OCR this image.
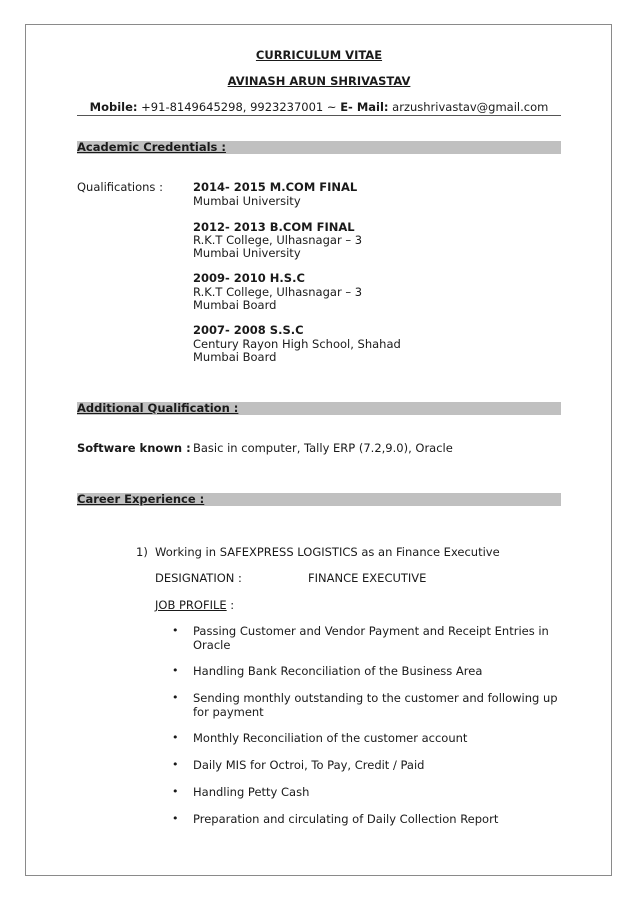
CURRICULUM VITAE
AVINASH ARUN SHRIVASTAV
Mobile: +91-8149645298, 9923237001 ~ E- Mail: arzushrivastav@gmail.com
Academic Credentials :
Qualifications :	2014- 2015 M.COM FINAL
Mumbai University
2012- 2013 B.COM FINAL
R.K.T College, Ulhasnagar – 3
Mumbai University
2009- 2010 H.S.C
R.K.T College, Ulhasnagar – 3
Mumbai Board
2007- 2008 S.S.C
Century Rayon High School, Shahad
Mumbai Board
Additional Qualification :
Software known : Basic in computer, Tally ERP (7.2,9.0), Oracle
Career Experience :
1) Working in SAFEXPRESS LOGISTICS as an Finance Executive
DESIGNATION :	FINANCE EXECUTIVE
JOB PROFILE :
• Passing Customer and Vendor Payment and Receipt Entries in Oracle
• Handling Bank Reconciliation of the Business Area
• Sending monthly outstanding to the customer and following up for payment
• Monthly Reconciliation of the customer account
• Daily MIS for Octroi, To Pay, Credit / Paid
• Handling Petty Cash
• Preparation and circulating of Daily Collection Report
